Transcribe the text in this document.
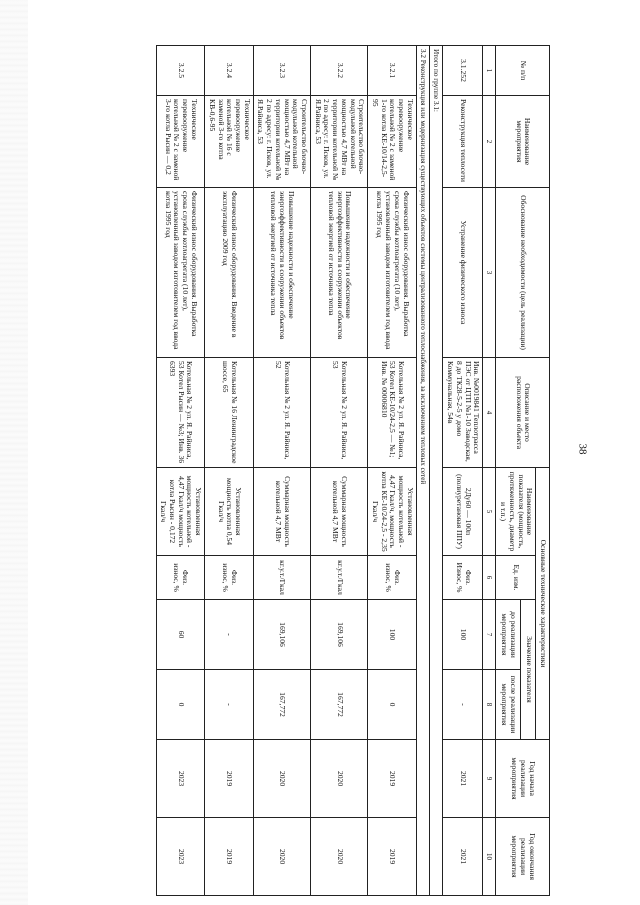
38
№ п/п	Наименование мероприятия	Обоснование необходимости (цель реализации)	Описание и место расположения объекта	Основные технические характеристики				Год начала реализации мероприятия	Год окончания реализации мероприятия
				Наименование показателя (мощность, протяженность, диаметр и т.п.)	Ед. изм.	Значение показателя			
						до реализации мероприятия	после реализации мероприятия		
1	2	3	4	5	6	7	8	9	10
3.1.252	Реконструкция теплосети	Устранение физического износа	Инв. №0019841 Теплотрасса ПЭС от ЦТП №1-10 Заводская, 8 до ТК28-5-2-5 у домо Коммунальная, 54в	2Ду60 — 100п (полиуретановая ППУ)	Физ. Износ, %	100	-	2021	2021
Итого по группе 3.1:									
3.2 Реконструкция или модернизация существующих объектов системы централизованного теплоснабжения, за исключением тепловых сетей									
3.2.1	Техническое перевооружение котельной № 2 с заменой 1-го котла КЕ-10/14-2,5-95	Физический износ оборудования. Выработка срока службы котлоагрегата (10 лет), установленный заводом изготовителем год ввода котла 1995 год	Котельная № 2 ул. Я. Райниса, 53 Котел КЕ-10/24-2,5 — №1; Инв. № 00006810	Установленная мощность котельной - 4,47 Гкал/ч, мощность котла КЕ-10/24-2,5 - 2,35 Гкал/ч	Физ. износ, %	100	0	2019	2019
3.2.2	Строительство блочно-модульной котельной мощностью 4,7 МВт на территории котельной № 2 по адресу: г. Псков, ул. Я.Райниса, 53	Повышение надежности и обеспечение энергоэффективности в сооружении объектов тепловой энергией от источника тепла	Котельная № 2 ул. Я. Райниса, 53	Суммарная мощность котельной 4,7 МВт	кг.у.т./Гкал	169,106	167,772	2020	2020
3.2.3	Строительство блочно-модульной котельной мощностью 4,7 МВт на территории котельной № 2 по адресу: г. Псков, ул. Я.Райниса, 53	Повышение надежности и обеспечение энергоэффективности в сооружении объектов тепловой энергией от источника тепла	Котельная № 2 ул. Я. Райниса, 52	Суммарная мощность котельной 4,7 МВт	кг.у.т./Гкал	169,106	167,772	2020	2020
3.2.4	Техническое перевооружение котельной № 16 с заменой 3-го котла КВ-0,6-95	Физический износ оборудования. Введение в эксплуатацию 2009 год	Котельная № 16 Ленинградское шоссе, 65	Установленная мощность котла 0,54 Гкал/ч	Физ. износ, %	-	-	2019	2019
3.2.5	Техническое перевооружение котельной № 2 с заменой 3-го котла Рысин — 0,2	Физический износ оборудования. Выработка срока службы котлоагрегата (10 лет), установленный заводом изготовителем год ввода котла 1995 год	Котельная № 2 ул. Я. Райниса, 53 Котел Рысин — №3; Инв. 36 6393	Установленная мощность котельной - 4,47 Гкал/ч мощность котла Рысин - 0,172 Гкал/ч	Физ. износ, %	60	0	2023	2023
